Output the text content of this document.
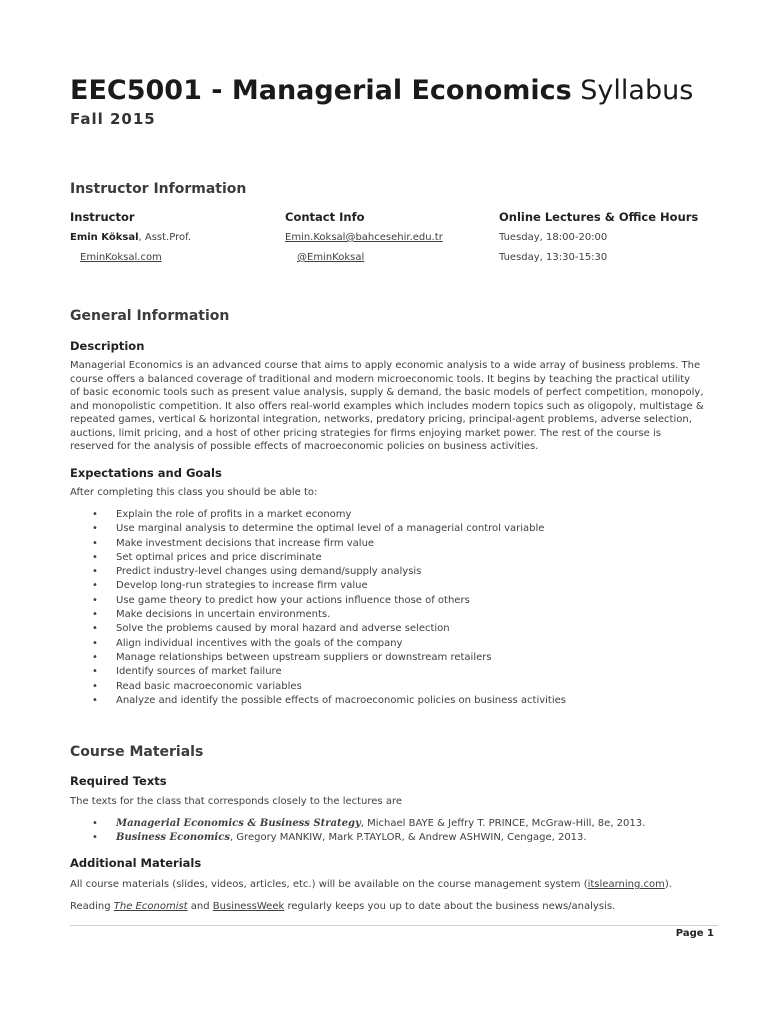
EEC5001 - Managerial Economics Syllabus
Fall 2015
Instructor Information
Instructor	Contact Info	Online Lectures & Office Hours
Emin Köksal, Asst.Prof.
EminKoksal.com
Emin.Koksal@bahcesehir.edu.tr
@EminKoksal
Tuesday, 18:00-20:00
Tuesday, 13:30-15:30
General Information
Description
Managerial Economics is an advanced course that aims to apply economic analysis to a wide array of business problems. The
course offers a balanced coverage of traditional and modern microeconomic tools. It begins by teaching the practical utility
of basic economic tools such as present value analysis, supply & demand, the basic models of perfect competition, monopoly,
and monopolistic competition. It also offers real-world examples which includes modern topics such as oligopoly, multistage &
repeated games, vertical & horizontal integration, networks, predatory pricing, principal-agent problems, adverse selection,
auctions, limit pricing, and a host of other pricing strategies for firms enjoying market power. The rest of the course is
reserved for the analysis of possible effects of macroeconomic policies on business activities.
Expectations and Goals
After completing this class you should be able to:
• Explain the role of profits in a market economy
• Use marginal analysis to determine the optimal level of a managerial control variable
• Make investment decisions that increase firm value
• Set optimal prices and price discriminate
• Predict industry-level changes using demand/supply analysis
• Develop long-run strategies to increase firm value
• Use game theory to predict how your actions influence those of others
• Make decisions in uncertain environments.
• Solve the problems caused by moral hazard and adverse selection
• Align individual incentives with the goals of the company
• Manage relationships between upstream suppliers or downstream retailers
• Identify sources of market failure
• Read basic macroeconomic variables
• Analyze and identify the possible effects of macroeconomic policies on business activities
Course Materials
Required Texts
The texts for the class that corresponds closely to the lectures are
• Managerial Economics & Business Strategy, Michael BAYE & Jeffry T. PRINCE, McGraw-Hill, 8e, 2013.
• Business Economics, Gregory MANKIW, Mark P.TAYLOR, & Andrew ASHWIN, Cengage, 2013.
Additional Materials
All course materials (slides, videos, articles, etc.) will be available on the course management system (itslearning.com).
Reading The Economist and BusinessWeek regularly keeps you up to date about the business news/analysis.
Page 1
